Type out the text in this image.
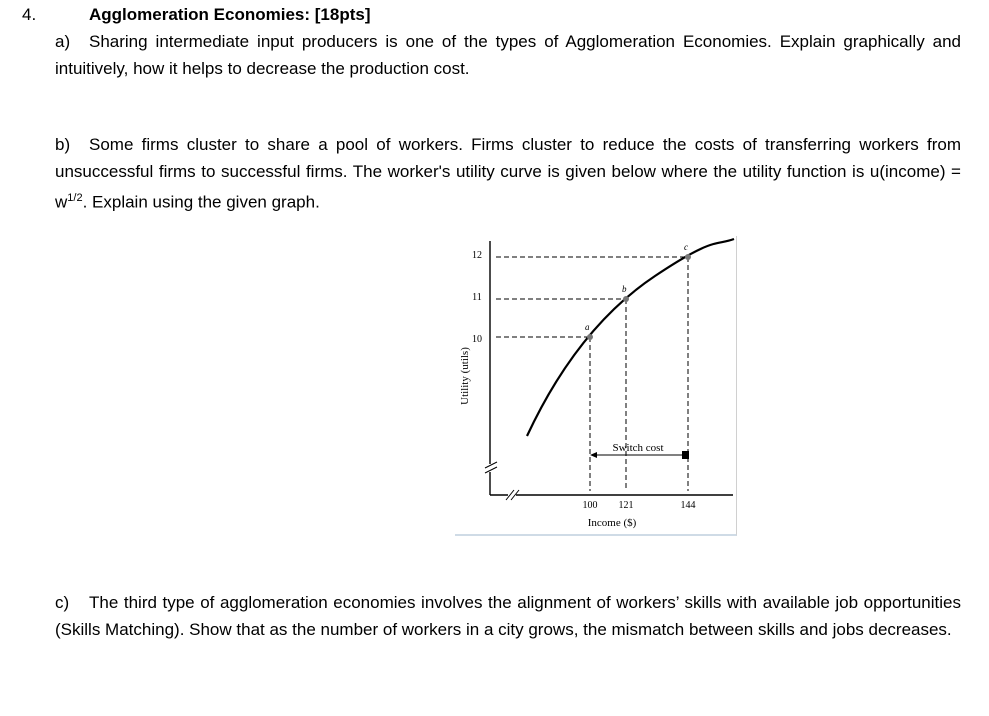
4.	Agglomeration Economies: [18pts]
a) Sharing intermediate input producers is one of the types of Agglomeration Economies. Explain graphically and intuitively, how it helps to decrease the production cost.
b) Some firms cluster to share a pool of workers. Firms cluster to reduce the costs of transferring workers from unsuccessful firms to successful firms. The worker's utility curve is given below where the utility function is u(income) = $w^{1/2}$. Explain using the given graph.
12
11
10
Utility (utils)
100 121	144
Income ($)
a
b
c
Switch cost
c) The third type of agglomeration economies involves the alignment of workers’ skills with available job opportunities (Skills Matching). Show that as the number of workers in a city grows, the mismatch between skills and jobs decreases.
